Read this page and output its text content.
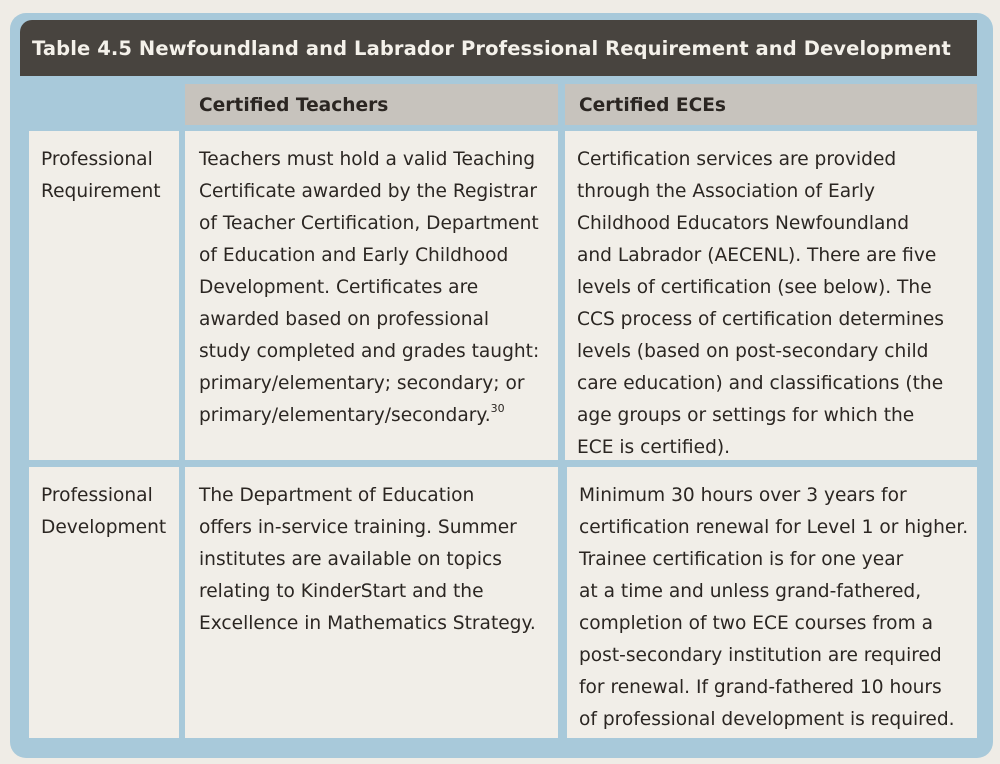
Table 4.5 Newfoundland and Labrador Professional Requirement and Development
Certified Teachers	Certified ECEs
Professional
Requirement
Teachers must hold a valid Teaching
Certificate awarded by the Registrar
of Teacher Certification, Department
of Education and Early Childhood
Development. Certificates are
awarded based on professional
study completed and grades taught:
primary/elementary; secondary; or
primary/elementary/secondary.$^{30}$
Certification services are provided
through the Association of Early
Childhood Educators Newfoundland
and Labrador (AECENL). There are five
levels of certification (see below). The
CCS process of certification determines
levels (based on post-secondary child
care education) and classifications (the
age groups or settings for which the
ECE is certified).
Professional
Development
The Department of Education
offers in-service training. Summer
institutes are available on topics
relating to KinderStart and the
Excellence in Mathematics Strategy.
Minimum 30 hours over 3 years for
certification renewal for Level 1 or higher.
Trainee certification is for one year
at a time and unless grand-fathered,
completion of two ECE courses from a
post-secondary institution are required
for renewal. If grand-fathered 10 hours
of professional development is required.
